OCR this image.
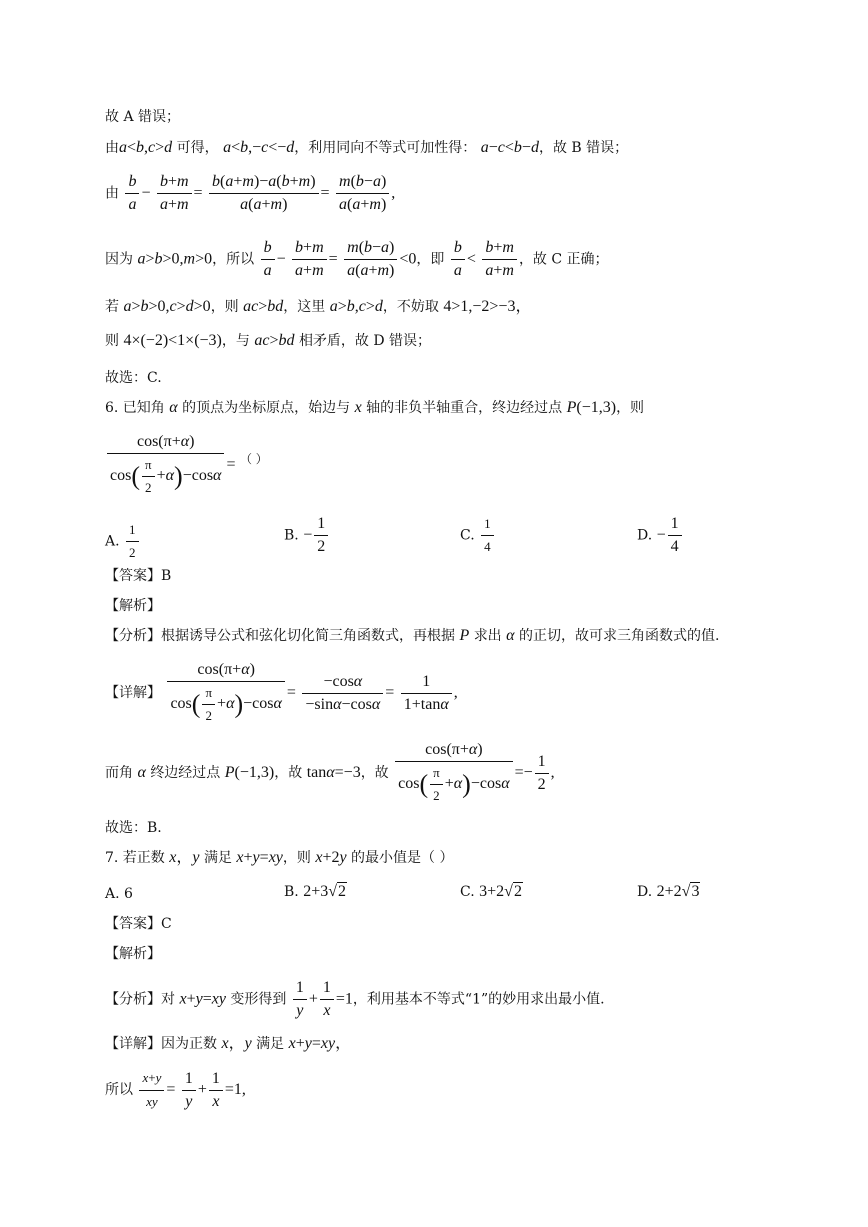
故 A 错误；
由a<b,c>d 可得， a<b,−c<−d，利用同向不等式可加性得： a−c<b−d，故 B 错误；
由 $\frac{b}{a} - \frac{b+m}{a+m} = \frac{b(a+m)-a(b+m)}{a(a+m)} = \frac{m(b-a)}{a(a+m)}$ ,
因为 a>b>0,m>0，所以 $\frac{b}{a} - \frac{b+m}{a+m} = \frac{m(b-a)}{a(a+m)} <0$，即 $\frac{b}{a} < \frac{b+m}{a+m}$ ，故 C 正确；
若 a>b>0,c>d>0，则 ac>bd，这里 a>b,c>d，不妨取 4>1,−2>−3，
则 4×(−2)<1×(−3)，与 ac>bd 相矛盾，故 D 错误；
故选：C.
6. 已知角 α 的顶点为坐标原点，始边与 x 轴的非负半轴重合，终边经过点 P(−1,3)，则
$\frac{\cos(\pi+\alpha)}{\cos( \frac{\pi}{2} +\alpha)-\cos\alpha}$ = （ ）
A. $\frac{1}{2}$	B. − $\frac{1}{2}$	C. $\frac{1}{4}$	D. − $\frac{1}{4}$
【答案】B
【解析】
【分析】根据诱导公式和弦化切化简三角函数式，再根据 P 求出 α 的正切，故可求三角函数式的值.
【详解】 $\frac{\cos(\pi+\alpha)}{\cos( \frac{\pi}{2} +\alpha)-\cos\alpha} = \frac{-\cos\alpha}{-\sin\alpha-\cos\alpha} = \frac{1}{1+\tan\alpha}$ ,
而角 α 终边经过点 P(−1,3)，故 tanα=−3，故 $\frac{\cos(\pi+\alpha)}{\cos( \frac{\pi}{2} +\alpha)-\cos\alpha} =- \frac{1}{2}$ ,
故选：B.
7. 若正数 x，y 满足 x+y=xy，则 x+2y 的最小值是（ ）
A. 6	B. 2+3√2	C. 3+2√2	D. 2+2√3
【答案】C
【解析】
【分析】对 x+y=xy 变形得到 $\frac{1}{y} + \frac{1}{x} =1$，利用基本不等式“1”的妙用求出最小值.
【详解】因为正数 x，y 满足 x+y=xy，
所以 $\frac{x+y}{xy} = \frac{1}{y} + \frac{1}{x} =1$,
